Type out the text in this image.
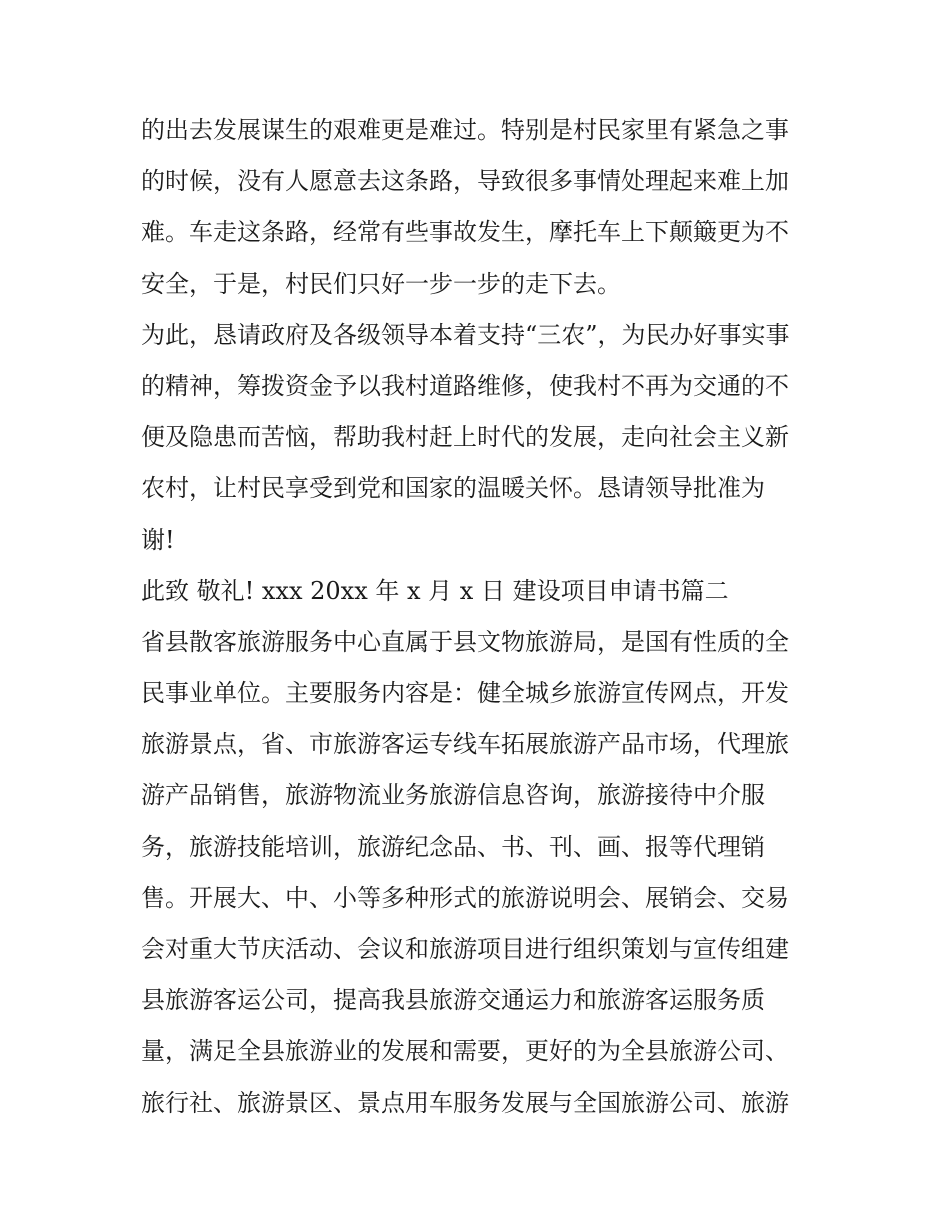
的出去发展谋生的艰难更是难过。特别是村民家里有紧急之事
的时候，没有人愿意去这条路，导致很多事情处理起来难上加
难。车走这条路，经常有些事故发生，摩托车上下颠簸更为不
安全，于是，村民们只好一步一步的走下去。
为此，恳请政府及各级领导本着支持“三农”，为民办好事实事
的精神，筹拨资金予以我村道路维修，使我村不再为交通的不
便及隐患而苦恼，帮助我村赶上时代的发展，走向社会主义新
农村，让村民享受到党和国家的温暖关怀。恳请领导批准为
谢!
此致 敬礼! xxx 20xx 年 x 月 x 日 建设项目申请书篇二
省县散客旅游服务中心直属于县文物旅游局，是国有性质的全
民事业单位。主要服务内容是：健全城乡旅游宣传网点，开发
旅游景点，省、市旅游客运专线车拓展旅游产品市场，代理旅
游产品销售，旅游物流业务旅游信息咨询，旅游接待中介服
务，旅游技能培训，旅游纪念品、书、刊、画、报等代理销
售。开展大、中、小等多种形式的旅游说明会、展销会、交易
会对重大节庆活动、会议和旅游项目进行组织策划与宣传组建
县旅游客运公司，提高我县旅游交通运力和旅游客运服务质
量，满足全县旅游业的发展和需要，更好的为全县旅游公司、
旅行社、旅游景区、景点用车服务发展与全国旅游公司、旅游
